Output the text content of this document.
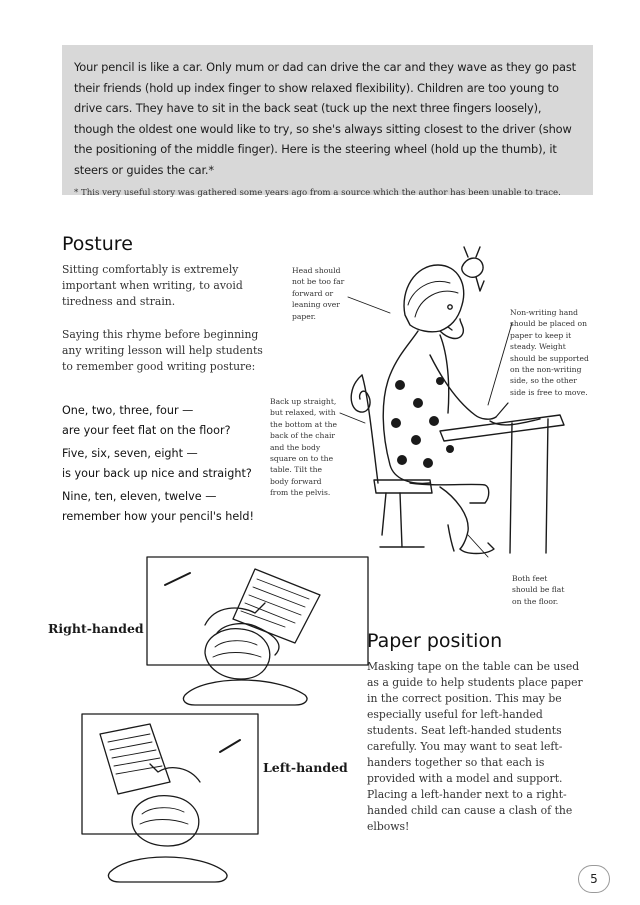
Your pencil is like a car. Only mum or dad can drive the car and they wave as they go past their friends (hold up index finger to show relaxed flexibility). Children are too young to drive cars. They have to sit in the back seat (tuck up the next three fingers loosely), though the oldest one would like to try, so she's always sitting closest to the driver (show the positioning of the middle finger). Here is the steering wheel (hold up the thumb), it steers or guides the car.*

* This very useful story was gathered some years ago from a source which the author has been unable to trace.

Posture

Sitting comfortably is extremely important when writing, to avoid tiredness and strain.

Saying this rhyme before beginning any writing lesson will help students to remember good writing posture:

One, two, three, four —
are your feet flat on the floor?
Five, six, seven, eight —
is your back up nice and straight?
Nine, ten, eleven, twelve —
remember how your pencil's held!

Head should not be too far forward or leaning over paper.	Non-writing hand should be placed on paper to keep it steady. Weight should be supported on the non-writing side, so the other side is free to move.

Back up straight, but relaxed, with the bottom at the back of the chair and the body square on to the table. Tilt the body forward from the pelvis.

Both feet should be flat on the floor.

Right-handed
Left-handed
Paper position

Masking tape on the table can be used as a guide to help students place paper in the correct position. This may be especially useful for left-handed students. Seat left-handed students carefully. You may want to seat left-handers together so that each is provided with a model and support. Placing a left-hander next to a right-handed child can cause a clash of the elbows!

5
